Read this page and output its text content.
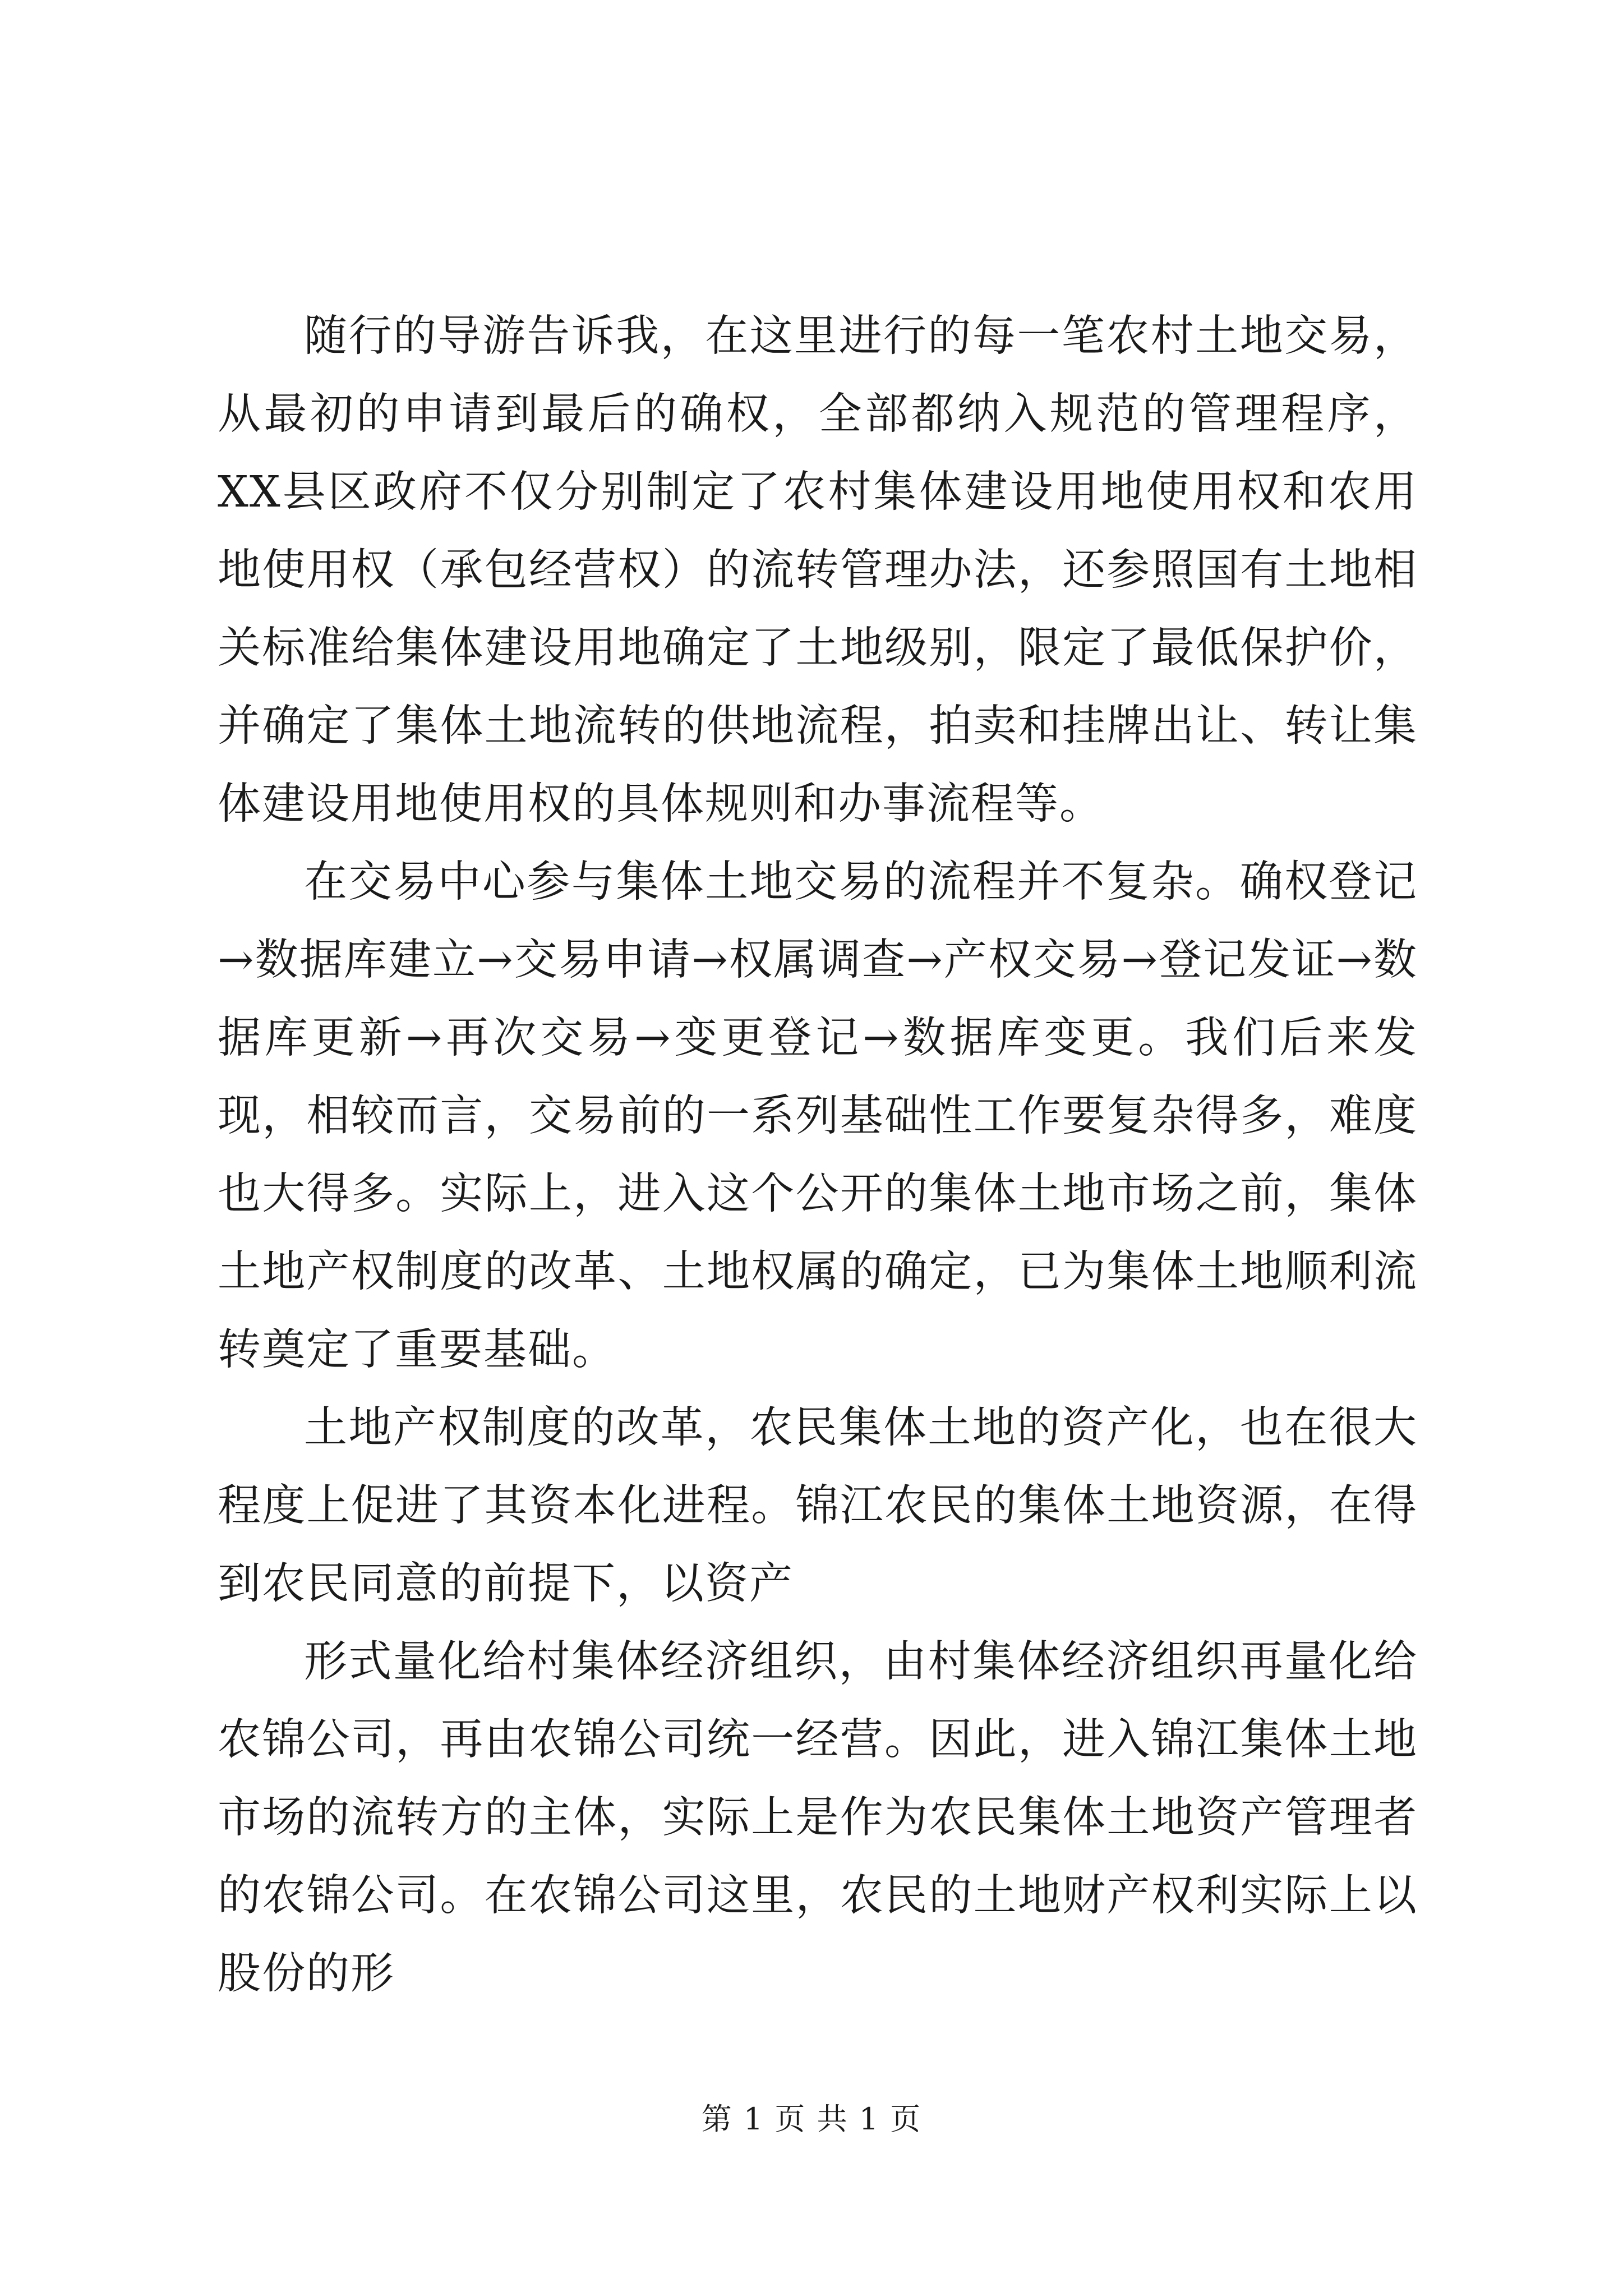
随行的导游告诉我，在这里进行的每一笔农村土地交易，从最初的申请到最后的确权，全部都纳入规范的管理程序，XX县区政府不仅分别制定了农村集体建设用地使用权和农用地使用权（承包经营权）的流转管理办法，还参照国有土地相关标准给集体建设用地确定了土地级别，限定了最低保护价，并确定了集体土地流转的供地流程，拍卖和挂牌出让、转让集体建设用地使用权的具体规则和办事流程等。

在交易中心参与集体土地交易的流程并不复杂。确权登记→数据库建立→交易申请→权属调查→产权交易→登记发证→数据库更新→再次交易→变更登记→数据库变更。我们后来发现，相较而言，交易前的一系列基础性工作要复杂得多，难度也大得多。实际上，进入这个公开的集体土地市场之前，集体土地产权制度的改革、土地权属的确定，已为集体土地顺利流转奠定了重要基础。

土地产权制度的改革，农民集体土地的资产化，也在很大程度上促进了其资本化进程。锦江农民的集体土地资源，在得到农民同意的前提下，以资产

形式量化给村集体经济组织，由村集体经济组织再量化给农锦公司，再由农锦公司统一经营。因此，进入锦江集体土地市场的流转方的主体，实际上是作为农民集体土地资产管理者的农锦公司。在农锦公司这里，农民的土地财产权利实际上以股份的形

第 1 页 共 1 页
